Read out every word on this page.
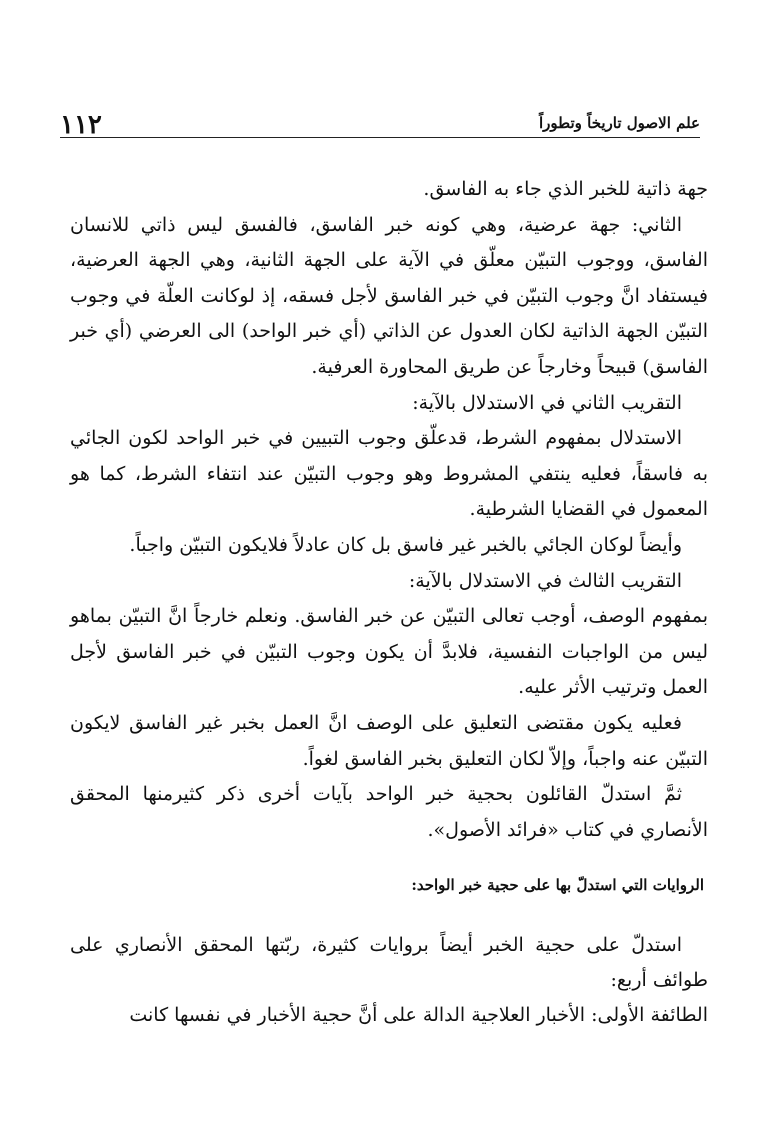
١١٢	علم الاصول تاريخاً وتطوراً

جهة ذاتية للخبر الذي جاء به الفاسق.

الثاني: جهة عرضية، وهي كونه خبر الفاسق، فالفسق ليس ذاتي للانسان الفاسق، ووجوب التبيّن معلّق في الآية على الجهة الثانية، وهي الجهة العرضية، فيستفاد انَّ وجوب التبيّن في خبر الفاسق لأجل فسقه، إذ لوكانت العلّة في وجوب التبيّن الجهة الذاتية لكان العدول عن الذاتي (أي خبر الواحد) الى العرضي (أي خبر الفاسق) قبيحاً وخارجاً عن طريق المحاورة العرفية.

التقريب الثاني في الاستدلال بالآية:

الاستدلال بمفهوم الشرط، قدعلّق وجوب التبيين في خبر الواحد لكون الجائي به فاسقاً، فعليه ينتفي المشروط وهو وجوب التبيّن عند انتفاء الشرط، كما هو المعمول في القضايا الشرطية.

وأيضاً لوكان الجائي بالخبر غير فاسق بل كان عادلاً فلايكون التبيّن واجباً.

التقريب الثالث في الاستدلال بالآية:

بمفهوم الوصف، أوجب تعالى التبيّن عن خبر الفاسق. ونعلم خارجاً انَّ التبيّن بماهو ليس من الواجبات النفسية، فلابدَّ أن يكون وجوب التبيّن في خبر الفاسق لأجل العمل وترتيب الأثر عليه.

فعليه يكون مقتضى التعليق على الوصف انَّ العمل بخبر غير الفاسق لايكون التبيّن عنه واجباً، وإلاّ لكان التعليق بخبر الفاسق لغواً.

ثمَّ استدلّ القائلون بحجية خبر الواحد بآيات أخرى ذكر كثيرمنها المحقق الأنصاري في كتاب «فرائد الأصول».

الروايات التي استدلّ بها على حجية خبر الواحد:

استدلّ على حجية الخبر أيضاً بروايات كثيرة، ربّتها المحقق الأنصاري على طوائف أربع:

الطائفة الأولى: الأخبار العلاجية الدالة على أنَّ حجية الأخبار في نفسها كانت
